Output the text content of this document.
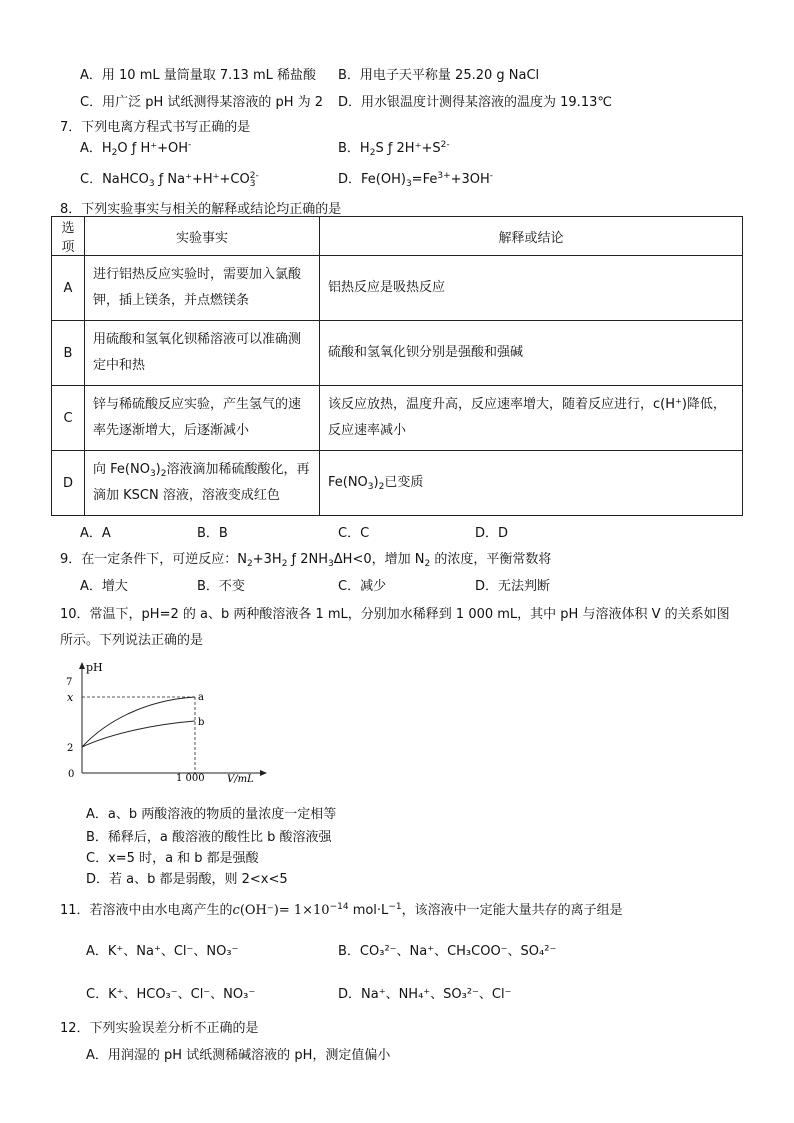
A．用 10 mL 量筒量取 7.13 mL 稀盐酸 B．用电子天平称量 25.20 g NaCl
C．用广泛 pH 试纸测得某溶液的 pH 为 2 D．用水银温度计测得某溶液的温度为 19.13℃
7．下列电离方程式书写正确的是
A．$H_2O$ ƒ H⁺+OH-	B．$H_2S$ ƒ $2H^++S^{2-}$
C．NaHCO$_3$ ƒ Na⁺+H⁺+CO 2-
3	D．$Fe(OH)_3=Fe^{3+}+3OH^-$
8．下列实验事实与相关的解释或结论均正确的是
选项	实验事实	解释或结论
A	进行铝热反应实验时，需要加入氯酸钾，插上镁条，并点燃镁条	铝热反应是吸热反应
B	用硫酸和氢氧化钡稀溶液可以准确测定中和热	硫酸和氢氧化钡分别是强酸和强碱
C	锌与稀硫酸反应实验，产生氢气的速率先逐渐增大，后逐渐减小	该反应放热，温度升高，反应速率增大，随着反应进行，c(H⁺)降低，反应速率减小
D	向 $Fe(NO_3)_2$溶液滴加稀硫酸酸化，再滴加 KSCN 溶液，溶液变成红色	$Fe(NO_3)_2$已变质
A．A	B．B	C．C	D．D
9．在一定条件下，可逆反应：$N_2+3H_2$ ƒ $2NH_3\Delta H<0$，增加 $N_2$ 的浓度，平衡常数将
A．增大	B．不变	C．减少	D．无法判断
10．常温下，pH=2 的 a、b 两种酸溶液各 1 mL，分别加水稀释到 1 000 mL，其中 pH 与溶液体积 V 的关系如图
所示。下列说法正确的是
pH
7
x
2
0	1 000 V/mL
a
b
A．a、b 两酸溶液的物质的量浓度一定相等
B．稀释后，a 酸溶液的酸性比 b 酸溶液强
C．x=5 时，a 和 b 都是强酸
D．若 a、b 都是弱酸，则 2<x<5
11．若溶液中由水电离产生的$c(OH^-)= 1\times 10^{-14}$ $mol\cdot L^{-1}$，该溶液中一定能大量共存的离子组是
A．K⁺、Na⁺、Cl⁻、NO₃⁻	B．CO₃²⁻、Na⁺、CH₃COO⁻、SO₄²⁻
C．K⁺、HCO₃⁻、Cl⁻、NO₃⁻	D．Na⁺、NH₄⁺、SO₃²⁻、Cl⁻
12．下列实验误差分析不正确的是
A．用润湿的 pH 试纸测稀碱溶液的 pH，测定值偏小
